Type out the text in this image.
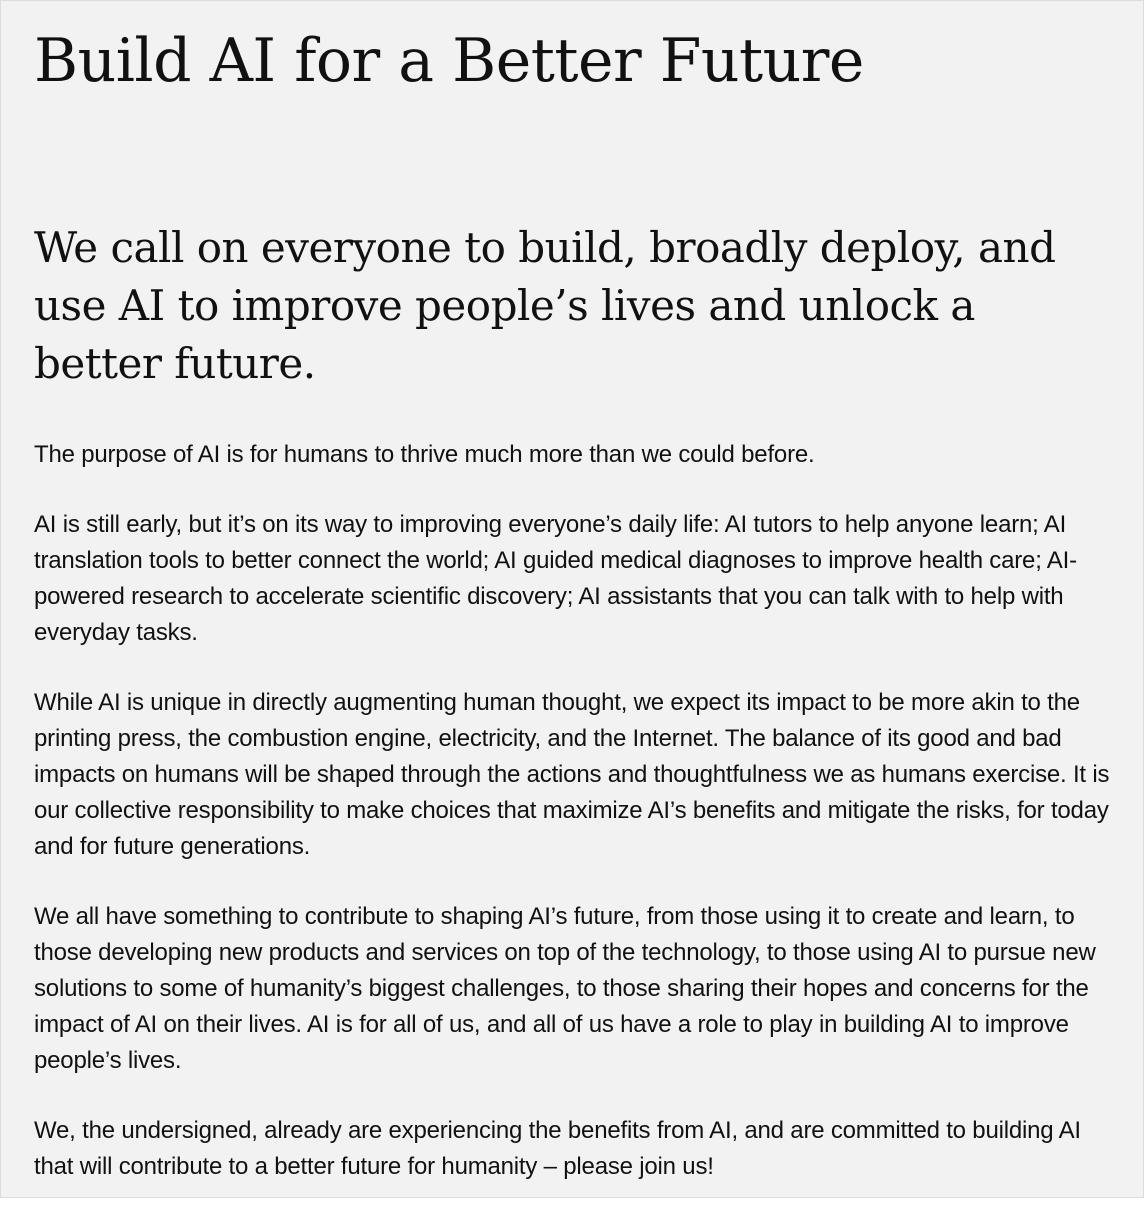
Build AI for a Better Future
We call on everyone to build, broadly deploy, and use AI to improve people’s lives and unlock a better future.

The purpose of AI is for humans to thrive much more than we could before.

AI is still early, but it’s on its way to improving everyone’s daily life: AI tutors to help anyone learn; AI translation tools to better connect the world; AI guided medical diagnoses to improve health care; AI-powered research to accelerate scientific discovery; AI assistants that you can talk with to help with everyday tasks.

While AI is unique in directly augmenting human thought, we expect its impact to be more akin to the printing press, the combustion engine, electricity, and the Internet. The balance of its good and bad impacts on humans will be shaped through the actions and thoughtfulness we as humans exercise. It is our collective responsibility to make choices that maximize AI’s benefits and mitigate the risks, for today and for future generations.

We all have something to contribute to shaping AI’s future, from those using it to create and learn, to those developing new products and services on top of the technology, to those using AI to pursue new solutions to some of humanity’s biggest challenges, to those sharing their hopes and concerns for the impact of AI on their lives. AI is for all of us, and all of us have a role to play in building AI to improve people’s lives.

We, the undersigned, already are experiencing the benefits from AI, and are committed to building AI that will contribute to a better future for humanity – please join us!
